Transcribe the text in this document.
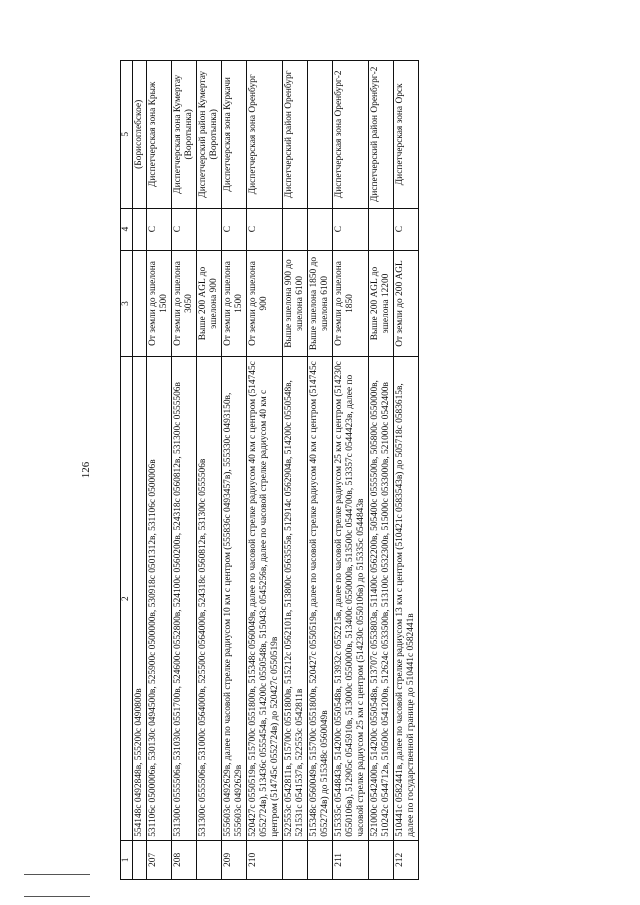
126
1	2	3	4	5
	554148с 0492848в, 555200с 0490800в			(Борисоглебское)
207	531106с 0500006в, 530130с 0494500в, 525900с 0500000в, 530918с 0501312в, 531106с 0500006в	От земли до эшелона 1500	С	Диспетчерская зона Крыж
208	531300с 0555506в, 531030с 0551700в, 524600с 0552800в, 524100с 0560200в, 524318с 0560812в, 531300с 0555506в	От земли до эшелона 3050	С	Диспетчерская зона Кумертау (Воротынка)
	531300с 0555506в, 531000с 0564000в, 525500с 0564000в, 524318с 0560812в, 531300с 0555506в	Выше 200 AGL до эшелона 900		Диспетчерский район Кумертау (Воротынка)
209	555603с 0492629в, далее по часовой стрелке радиусом 10 км с центром (555836с 0493457в), 555330с 0493150в, 555603с 0492629в	От земли до эшелона 1500	С	Диспетчерская зона Куркачи
210	520427с 0550519в, 515700с 0551800в, 515348с 0560049в, далее по часовой стрелке радиусом 40 км с центром (514745с 0552724в), 513436с 0555454в, 514200с 0550548в, 515043с 0545256в, далее по часовой стрелке радиусом 40 км с центром (514745с 0552724в) до 520427с 0550519в	От земли до эшелона 900	С	Диспетчерская зона Оренбург
	522553с 0542811в, 515700с 0551800в, 515212с 0562101в, 513800с 0563555в, 512914с 0562904в, 514200с 0550548в, 521531с 0541537в, 522553с 0542811в	Выше эшелона 900 до эшелона 6100		Диспетчерский район Оренбург
	515348с 0560049в, 515700с 0551800в, 520427с 0550519в, далее по часовой стрелке радиусом 40 км с центром (514745с 0552724в) до 515348с 0560049в	Выше эшелона 1850 до эшелона 6100		
211	515335с 0544843в, 514200с 0550548в, 513932с 0552215в, далее по часовой стрелке радиусом 25 км с центром (514230с 0550106в), 512905с 0545910в, 513000с 0550000в, 513400с 0550000в, 513500с 0544700в, 513357с 0544423в, далее по часовой стрелке радиусом 25 км с центром (514230с 0550106в) до 515335с 0544843в	От земли до эшелона 1850	С	Диспетчерская зона Оренбург-2
	521000с 0542400в, 514200с 0550548в, 513707с 0553803в, 511400с 0562200в, 505400с 0555500в, 505800с 0550000в, 510242с 0544712в, 510500с 0541200в, 512624с 0533500в, 513100с 0532300в, 515000с 0533000в, 521000с 0542400в	Выше 200 AGL до эшелона 12200		Диспетчерский район Оренбург-2
212	510441с 0582441в, далее по часовой стрелке радиусом 13 км с центром (510421с 0583543в) до 505718с 0583615в, далее по государственной границе до 510441с 0582441в	От земли до 200 AGL	С	Диспетчерская зона Орск
